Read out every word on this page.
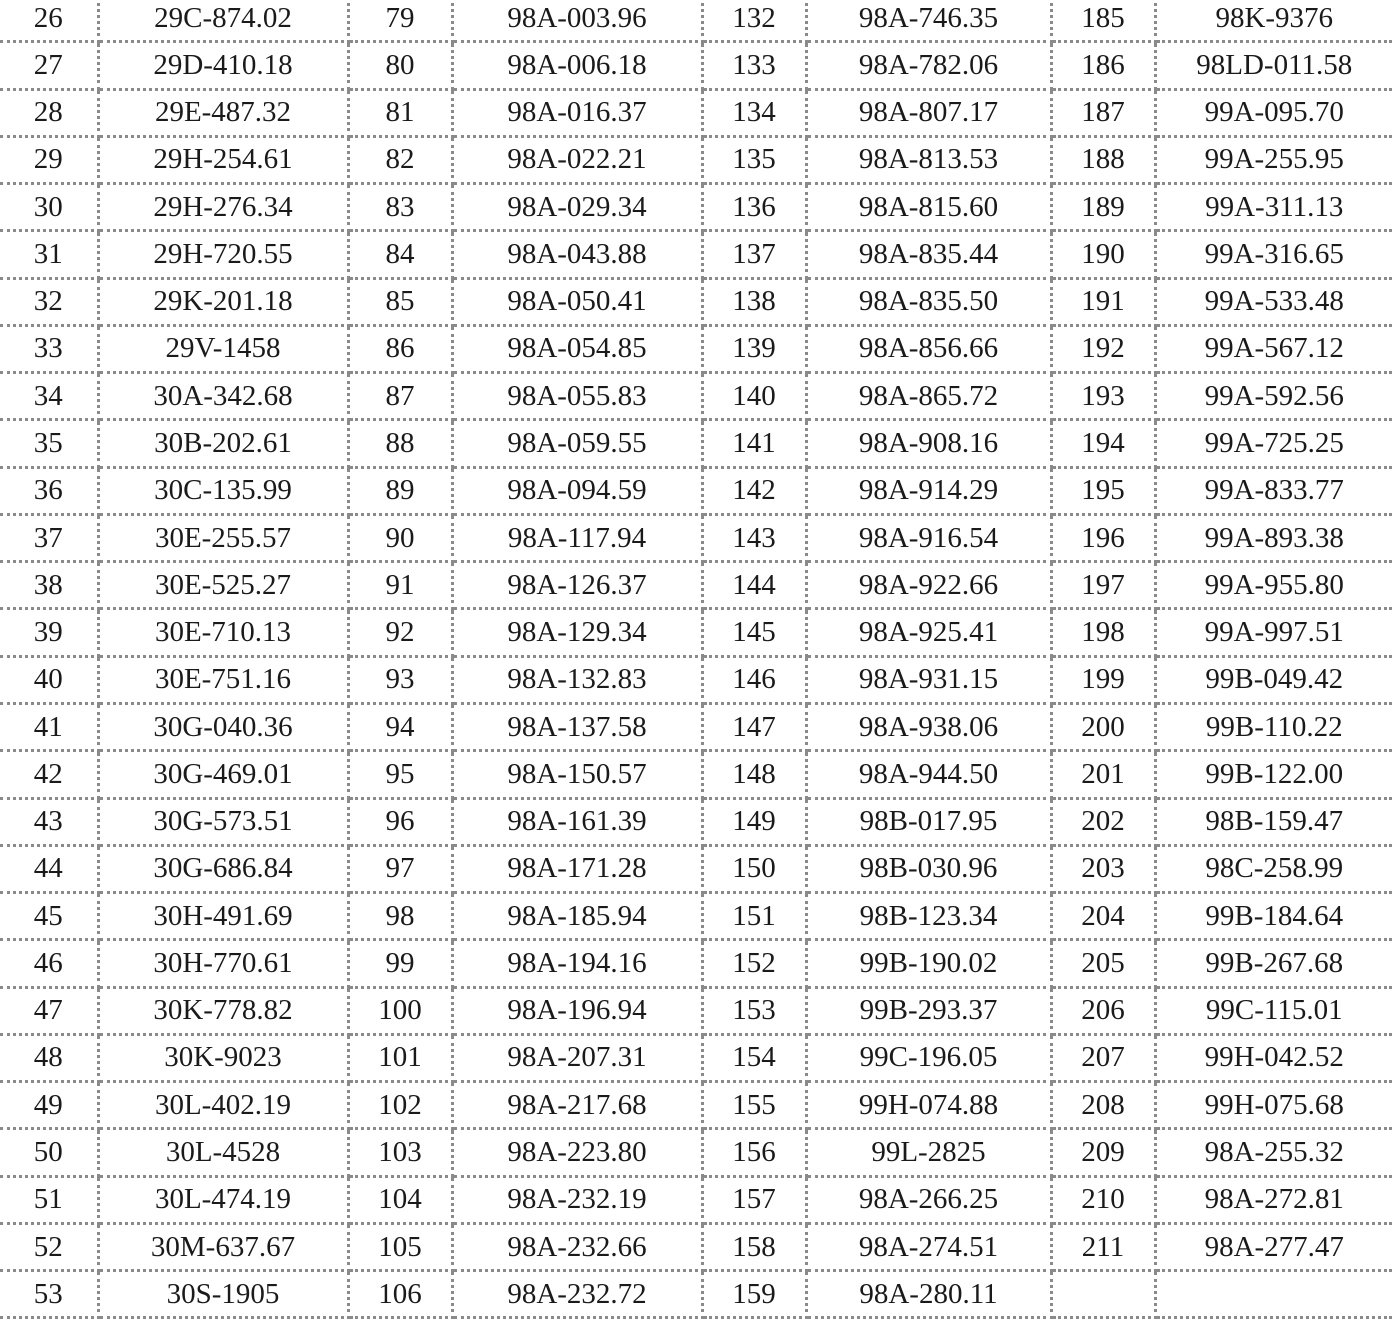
26	29C-874.02	79	98A-003.96	132	98A-746.35	185	98K-9376
27	29D-410.18	80	98A-006.18	133	98A-782.06	186	98LD-011.58
28	29E-487.32	81	98A-016.37	134	98A-807.17	187	99A-095.70
29	29H-254.61	82	98A-022.21	135	98A-813.53	188	99A-255.95
30	29H-276.34	83	98A-029.34	136	98A-815.60	189	99A-311.13
31	29H-720.55	84	98A-043.88	137	98A-835.44	190	99A-316.65
32	29K-201.18	85	98A-050.41	138	98A-835.50	191	99A-533.48
33	29V-1458	86	98A-054.85	139	98A-856.66	192	99A-567.12
34	30A-342.68	87	98A-055.83	140	98A-865.72	193	99A-592.56
35	30B-202.61	88	98A-059.55	141	98A-908.16	194	99A-725.25
36	30C-135.99	89	98A-094.59	142	98A-914.29	195	99A-833.77
37	30E-255.57	90	98A-117.94	143	98A-916.54	196	99A-893.38
38	30E-525.27	91	98A-126.37	144	98A-922.66	197	99A-955.80
39	30E-710.13	92	98A-129.34	145	98A-925.41	198	99A-997.51
40	30E-751.16	93	98A-132.83	146	98A-931.15	199	99B-049.42
41	30G-040.36	94	98A-137.58	147	98A-938.06	200	99B-110.22
42	30G-469.01	95	98A-150.57	148	98A-944.50	201	99B-122.00
43	30G-573.51	96	98A-161.39	149	98B-017.95	202	98B-159.47
44	30G-686.84	97	98A-171.28	150	98B-030.96	203	98C-258.99
45	30H-491.69	98	98A-185.94	151	98B-123.34	204	99B-184.64
46	30H-770.61	99	98A-194.16	152	99B-190.02	205	99B-267.68
47	30K-778.82	100	98A-196.94	153	99B-293.37	206	99C-115.01
48	30K-9023	101	98A-207.31	154	99C-196.05	207	99H-042.52
49	30L-402.19	102	98A-217.68	155	99H-074.88	208	99H-075.68
50	30L-4528	103	98A-223.80	156	99L-2825	209	98A-255.32
51	30L-474.19	104	98A-232.19	157	98A-266.25	210	98A-272.81
52	30M-637.67	105	98A-232.66	158	98A-274.51	211	98A-277.47
53	30S-1905	106	98A-232.72	159	98A-280.11		
